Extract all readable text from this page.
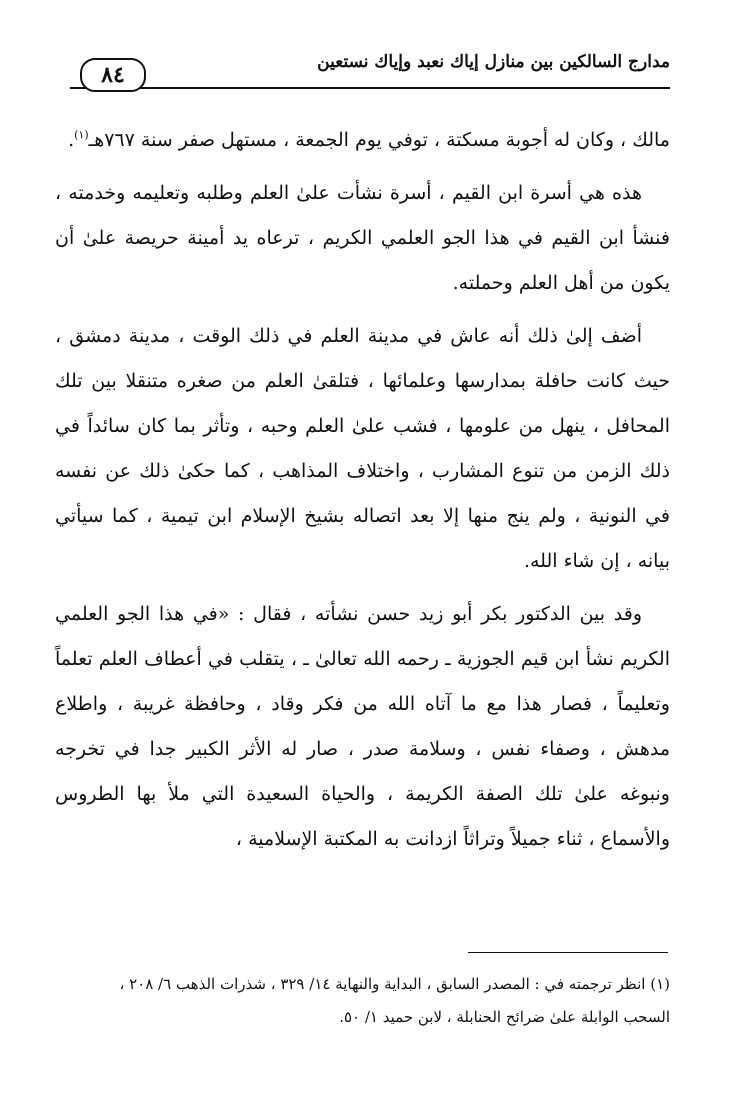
مدارج السالكين بين منازل إياك نعبد وإياك نستعين
٨٤

مالك ، وكان له أجوبة مسكتة ، توفي يوم الجمعة ، مستهل صفر سنة ٧٦٧هـ$^{(١)}$.

هذه هي أسرة ابن القيم ، أسرة نشأت علىٰ العلم وطلبه وتعليمه وخدمته ، فنشأ ابن القيم في هذا الجو العلمي الكريم ، ترعاه يد أمينة حريصة علىٰ أن يكون من أهل العلم وحملته.

أضف إلىٰ ذلك أنه عاش في مدينة العلم في ذلك الوقت ، مدينة دمشق ، حيث كانت حافلة بمدارسها وعلمائها ، فتلقىٰ العلم من صغره متنقلا بين تلك المحافل ، ينهل من علومها ، فشب علىٰ العلم وحبه ، وتأثر بما كان سائداً في ذلك الزمن من تنوع المشارب ، واختلاف المذاهب ، كما حكىٰ ذلك عن نفسه في النونية ، ولم ينج منها إلا بعد اتصاله بشيخ الإسلام ابن تيمية ، كما سيأتي بيانه ، إن شاء الله.

وقد بين الدكتور بكر أبو زيد حسن نشأته ، فقال : «في هذا الجو العلمي الكريم نشأ ابن قيم الجوزية ـ رحمه الله تعالىٰ ـ ، يتقلب في أعطاف العلم تعلماً وتعليماً ، فصار هذا مع ما آتاه الله من فكر وقاد ، وحافظة غريبة ، واطلاع مدهش ، وصفاء نفس ، وسلامة صدر ، صار له الأثر الكبير جدا في تخرجه ونبوغه علىٰ تلك الصفة الكريمة ، والحياة السعيدة التي ملأ بها الطروس والأسماع ، ثناء جميلاً وتراثاً ازدانت به المكتبة الإسلامية ،

(١) انظر ترجمته في : المصدر السابق ، البداية والنهاية ١٤/ ٣٢٩ ، شذرات الذهب ٦/ ٢٠٨ ،

السحب الوابلة علىٰ ضرائح الحنابلة ، لابن حميد ١/ ٥٠.
